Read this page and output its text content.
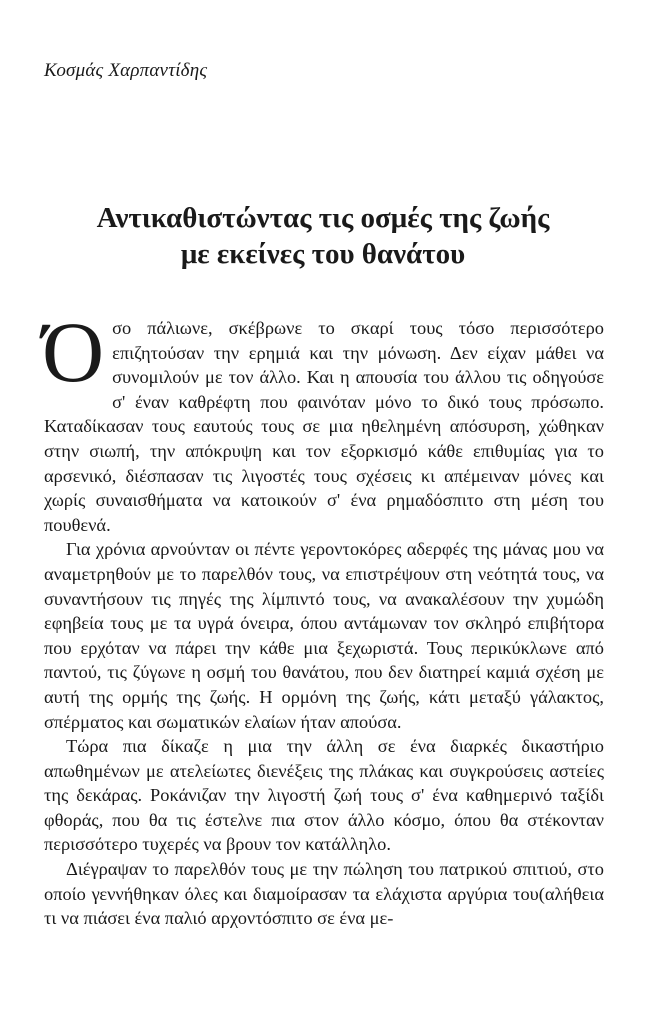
Κοσμάς Χαρπαντίδης
Αντικαθιστώντας τις οσμές της ζωής
με εκείνες του θανάτου

Όσο πάλιωνε, σκέβρωνε το σκαρί τους τόσο περισσότερο επιζητούσαν την ερημιά και την μόνωση. Δεν είχαν μάθει να συνομιλούν με τον άλλο. Και η απουσία του άλλου τις οδηγούσε σ' έναν καθρέφτη που φαινόταν μόνο το δικό τους πρόσωπο. Καταδίκασαν τους εαυτούς τους σε μια ηθελημένη απόσυρση, χώθηκαν στην σιωπή, την απόκρυψη και τον εξορκισμό κάθε επιθυμίας για το αρσενικό, διέσπασαν τις λιγοστές τους σχέσεις κι απέμειναν μόνες και χωρίς συναισθήματα να κατοικούν σ' ένα ρημαδόσπιτο στη μέση του πουθενά.

Για χρόνια αρνούνταν οι πέντε γεροντοκόρες αδερφές της μάνας μου να αναμετρηθούν με το παρελθόν τους, να επιστρέψουν στη νεότητά τους, να συναντήσουν τις πηγές της λίμπιντό τους, να ανακαλέσουν την χυμώδη εφηβεία τους με τα υγρά όνειρα, όπου αντάμωναν τον σκληρό επιβήτορα που ερχόταν να πάρει την κάθε μια ξεχωριστά. Τους περικύκλωνε από παντού, τις ζύγωνε η οσμή του θανάτου, που δεν διατηρεί καμιά σχέση με αυτή της ορμής της ζωής. Η ορμόνη της ζωής, κάτι μεταξύ γάλακτος, σπέρματος και σωματικών ελαίων ήταν απούσα.

Τώρα πια δίκαζε η μια την άλλη σε ένα διαρκές δικαστήριο απωθημένων με ατελείωτες διενέξεις της πλάκας και συγκρούσεις αστείες της δεκάρας. Ροκάνιζαν την λιγοστή ζωή τους σ' ένα καθημερινό ταξίδι φθοράς, που θα τις έστελνε πια στον άλλο κόσμο, όπου θα στέκονταν περισσότερο τυχερές να βρουν τον κατάλληλο.

Διέγραψαν το παρελθόν τους με την πώληση του πατρικού σπιτιού, στο οποίο γεννήθηκαν όλες και διαμοίρασαν τα ελάχιστα αργύρια του(αλήθεια τι να πιάσει ένα παλιό αρχοντόσπιτο σε ένα με-
